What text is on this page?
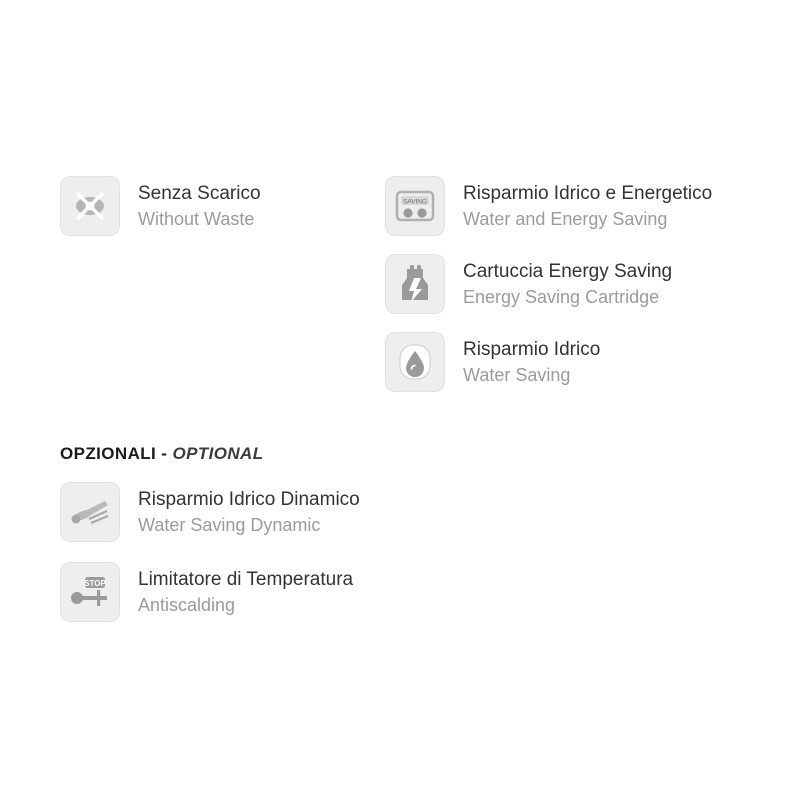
Senza Scarico
Without Waste
SAVING Risparmio Idrico e Energetico
Water and Energy Saving
Cartuccia Energy Saving
Energy Saving Cartridge
Risparmio Idrico
Water Saving
OPZIONALI - OPTIONAL
Risparmio Idrico Dinamico
Water Saving Dynamic
STOP Limitatore di Temperatura
Antiscalding
